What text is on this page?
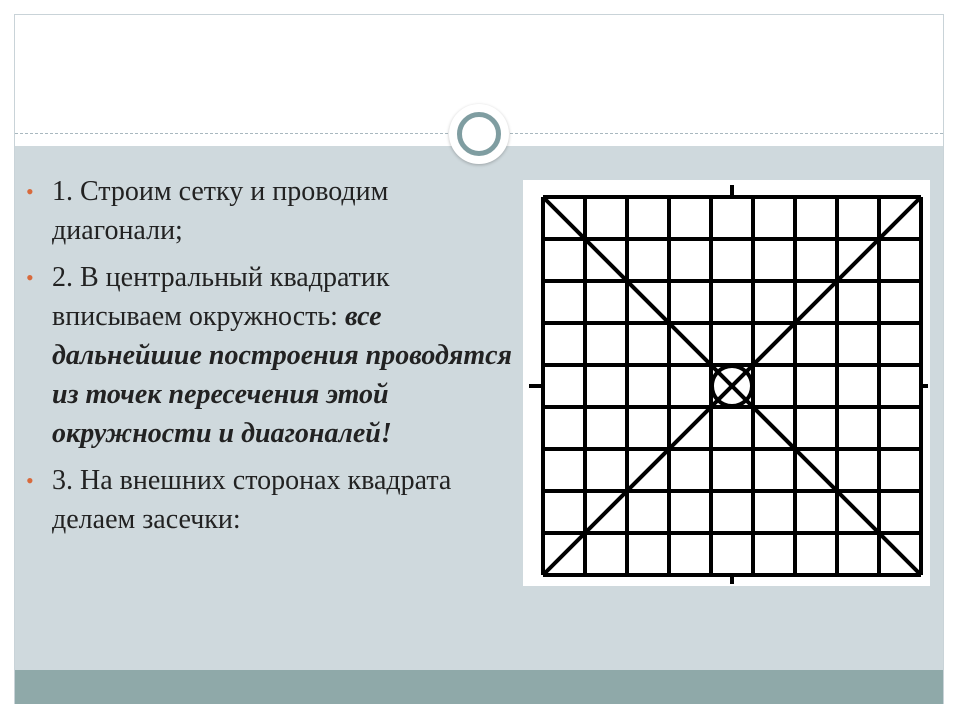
• 1. Строим сетку и проводим диагонали;
• 2. В центральный квадратик вписываем окружность: все дальнейшие построения проводятся из точек пересечения этой окружности и диагоналей!
• 3. На внешних сторонах квадрата делаем засечки:
